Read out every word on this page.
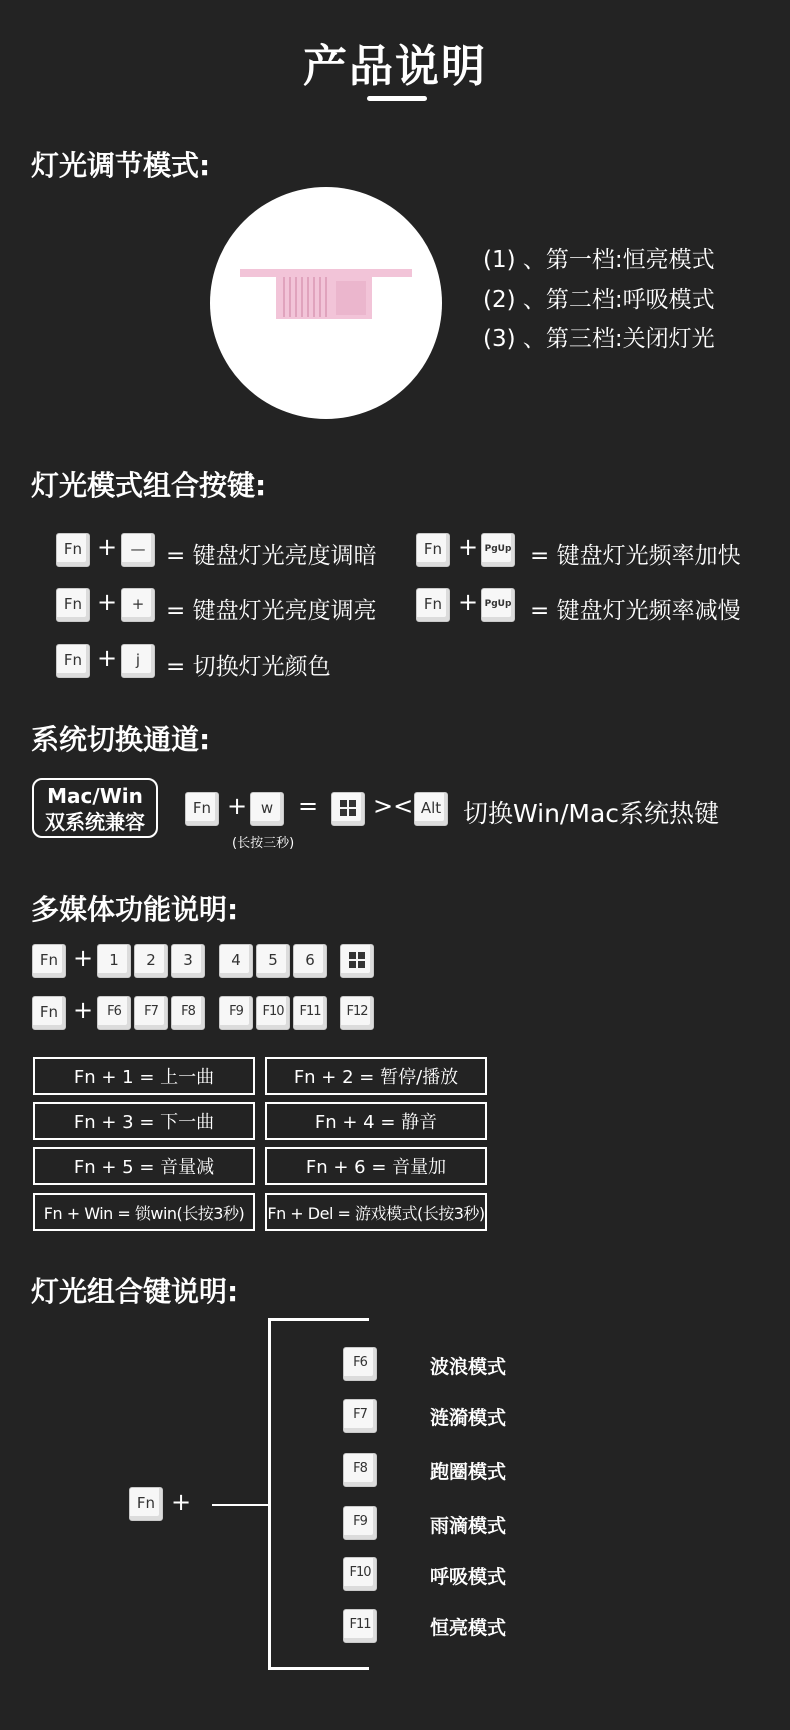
产品说明
灯光调节模式:
(1) 、第一档:恒亮模式
(2) 、第二档:呼吸模式
(3) 、第三档:关闭灯光
灯光模式组合按键:
Fn + — = 键盘灯光亮度调暗
Fn + + = 键盘灯光亮度调亮
Fn +	j	= 切换灯光颜色
Fn + PgUp = 键盘灯光频率加快
Fn + PgUp = 键盘灯光频率减慢
系统切换通道:
Mac/Win
双系统兼容
Fn + w
(长按三秒)
= >< Alt 切换Win/Mac系统热键
多媒体功能说明:
Fn +	1	2	3	4	5	6
Fn +	F6	F7	F8	F9	F10	F11	F12
Fn + 1 = 上一曲	Fn + 2 = 暂停/播放
Fn + 3 = 下一曲	Fn + 4 = 静音
Fn + 5 = 音量减	Fn + 6 = 音量加
Fn + Win = 锁win(长按3秒)	Fn + Del = 游戏模式(长按3秒)
灯光组合键说明:
Fn +
F6	波浪模式
F7	涟漪模式
F8	跑圈模式
F9	雨滴模式
F10	呼吸模式
F11	恒亮模式
